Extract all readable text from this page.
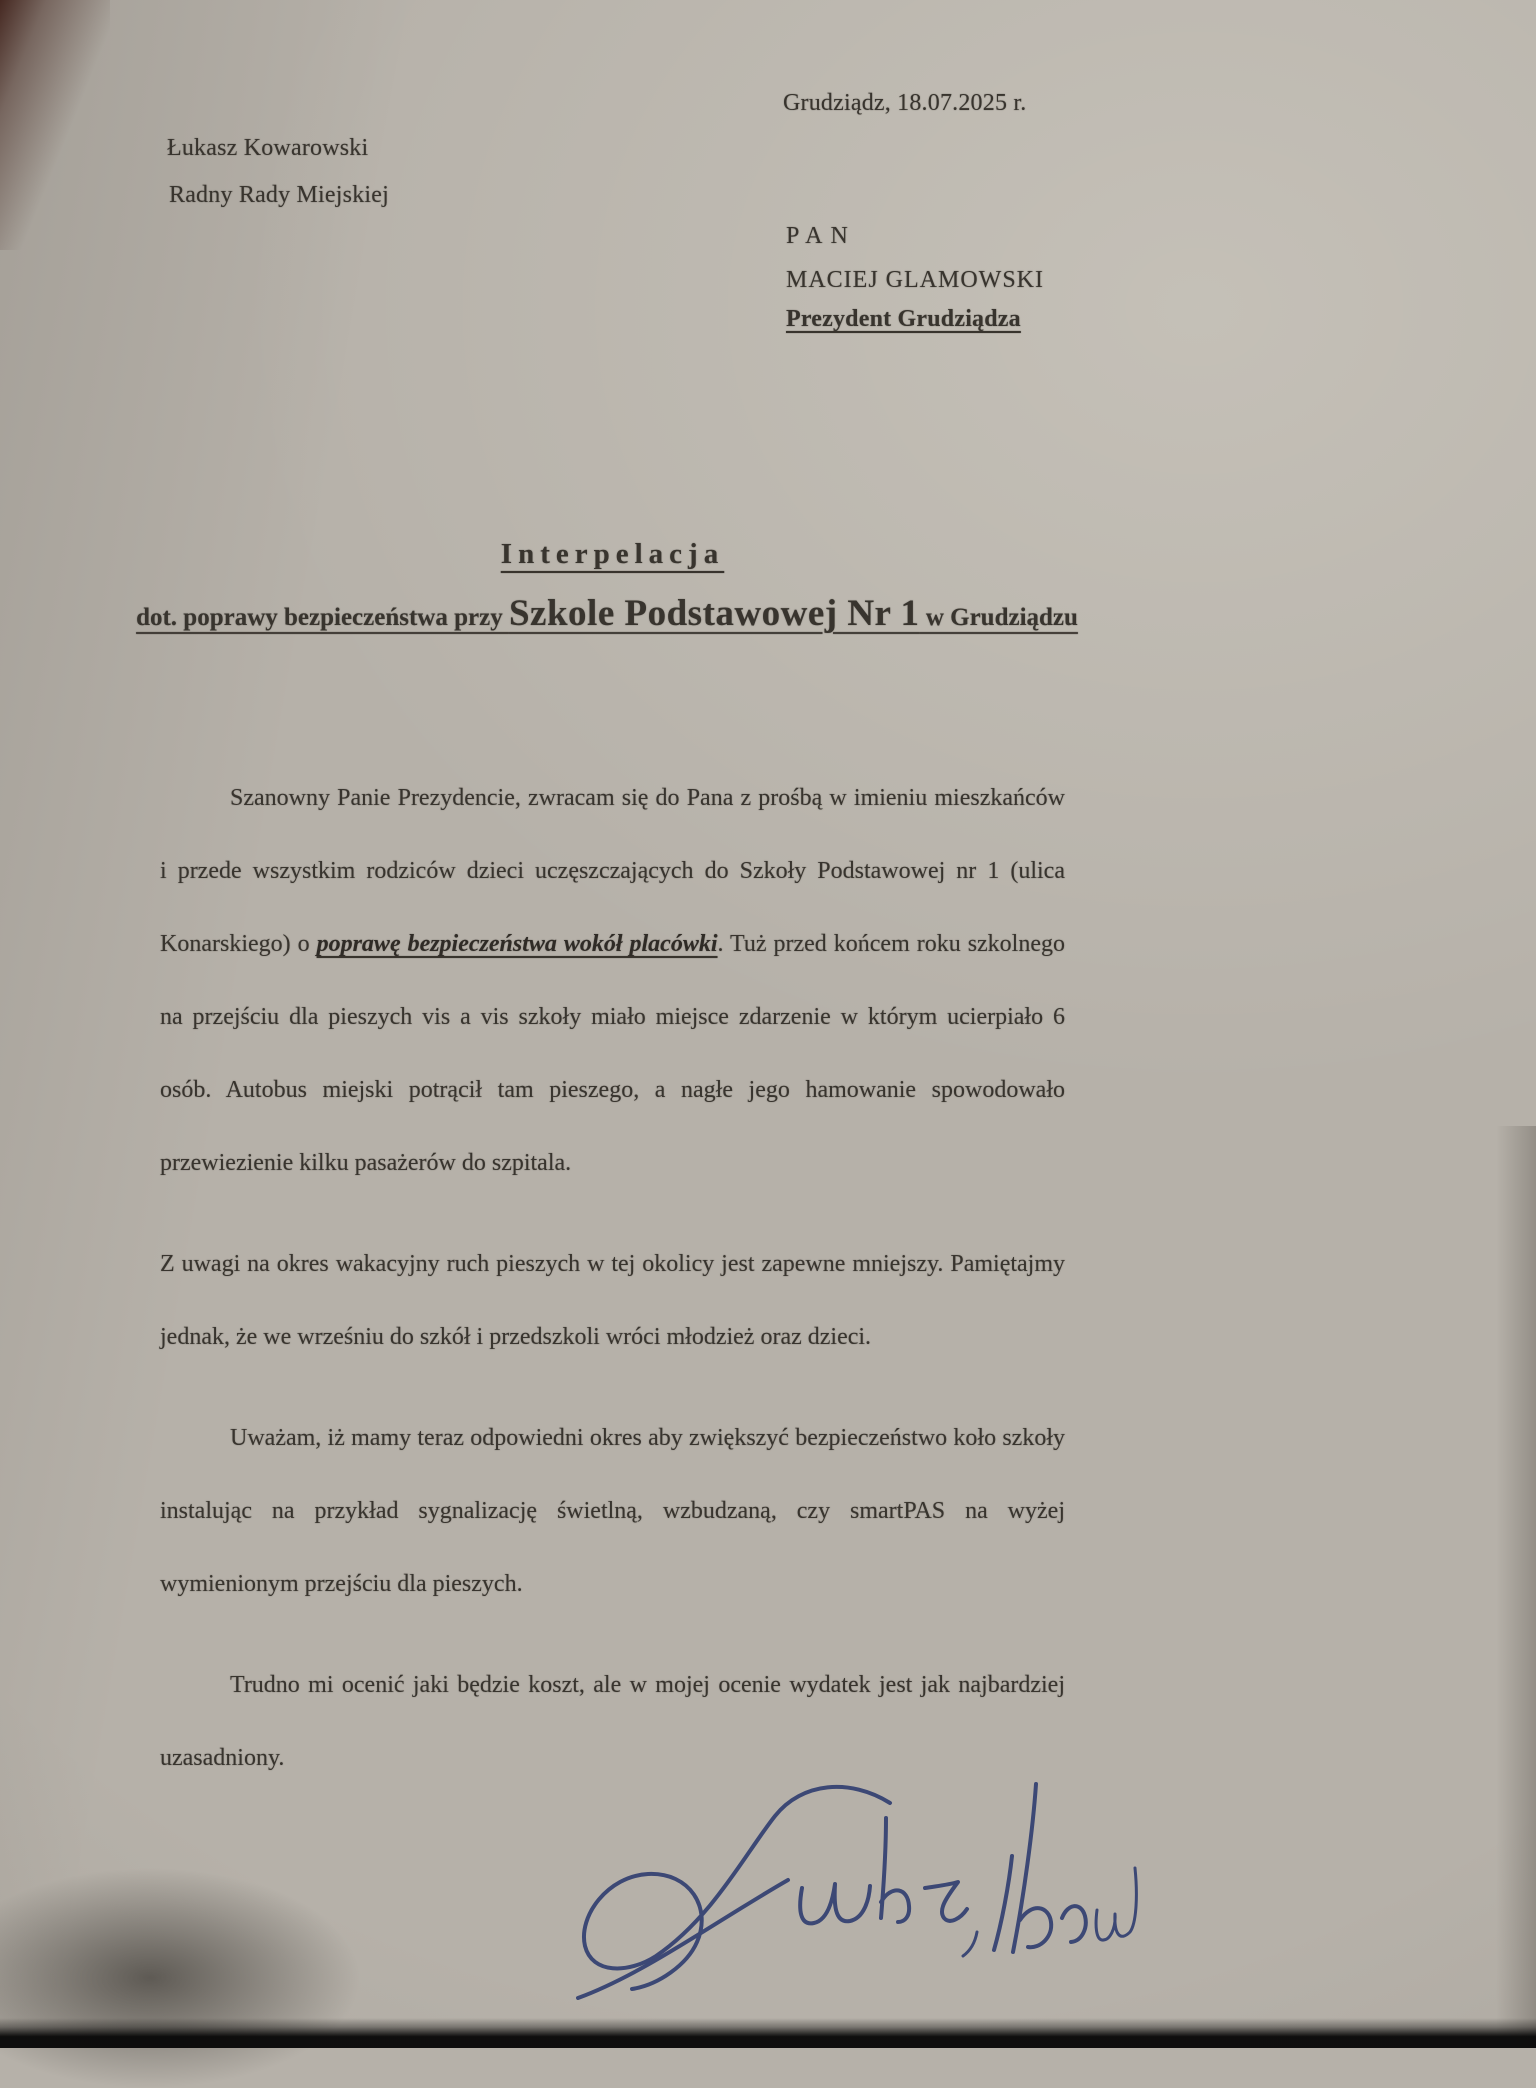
Grudziądz, 18.07.2025 r.
Łukasz Kowarowski
Radny Rady Miejskiej
PAN
MACIEJ GLAMOWSKI
Prezydent Grudziądza
Interpelacja
dot. poprawy bezpieczeństwa przy Szkole Podstawowej Nr 1 w Grudziądzu

Szanowny Panie Prezydencie, zwracam się do Pana z prośbą w imieniu mieszkańców i przede wszystkim rodziców dzieci uczęszczających do Szkoły Podstawowej nr 1 (ulica Konarskiego) o poprawę bezpieczeństwa wokół placówki. Tuż przed końcem roku szkolnego na przejściu dla pieszych vis a vis szkoły miało miejsce zdarzenie w którym ucierpiało 6 osób. Autobus miejski potrącił tam pieszego, a nagłe jego hamowanie spowodowało przewiezienie kilku pasażerów do szpitala.

Z uwagi na okres wakacyjny ruch pieszych w tej okolicy jest zapewne mniejszy. Pamiętajmy jednak, że we wrześniu do szkół i przedszkoli wróci młodzież oraz dzieci.

Uważam, iż mamy teraz odpowiedni okres aby zwiększyć bezpieczeństwo koło szkoły instalując na przykład sygnalizację świetlną, wzbudzaną, czy smartPAS na wyżej wymienionym przejściu dla pieszych.

Trudno mi ocenić jaki będzie koszt, ale w mojej ocenie wydatek jest jak najbardziej uzasadniony.
